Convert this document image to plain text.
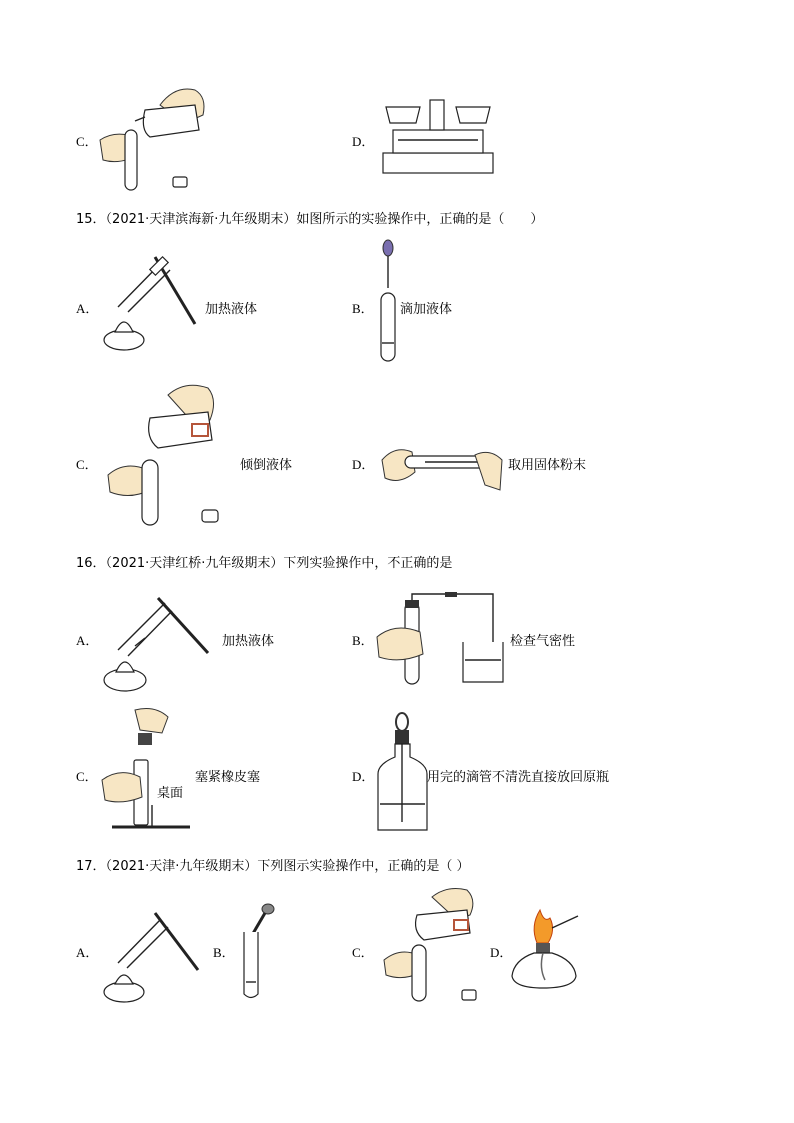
C．	D．
15．（2021·天津滨海新·九年级期末）如图所示的实验操作中，正确的是（　　）
A．	加热液体	B． 滴加液体
C．	倾倒液体	D．	取用固体粉末
16．（2021·天津红桥·九年级期末）下列实验操作中，不正确的是
A．	加热液体	B．	检查气密性
C．	塞紧橡皮塞
桌面
D．	用完的滴管不清洗直接放回原瓶
17．（2021·天津·九年级期末）下列图示实验操作中，正确的是（ ）
A．	B．	C．	D．
